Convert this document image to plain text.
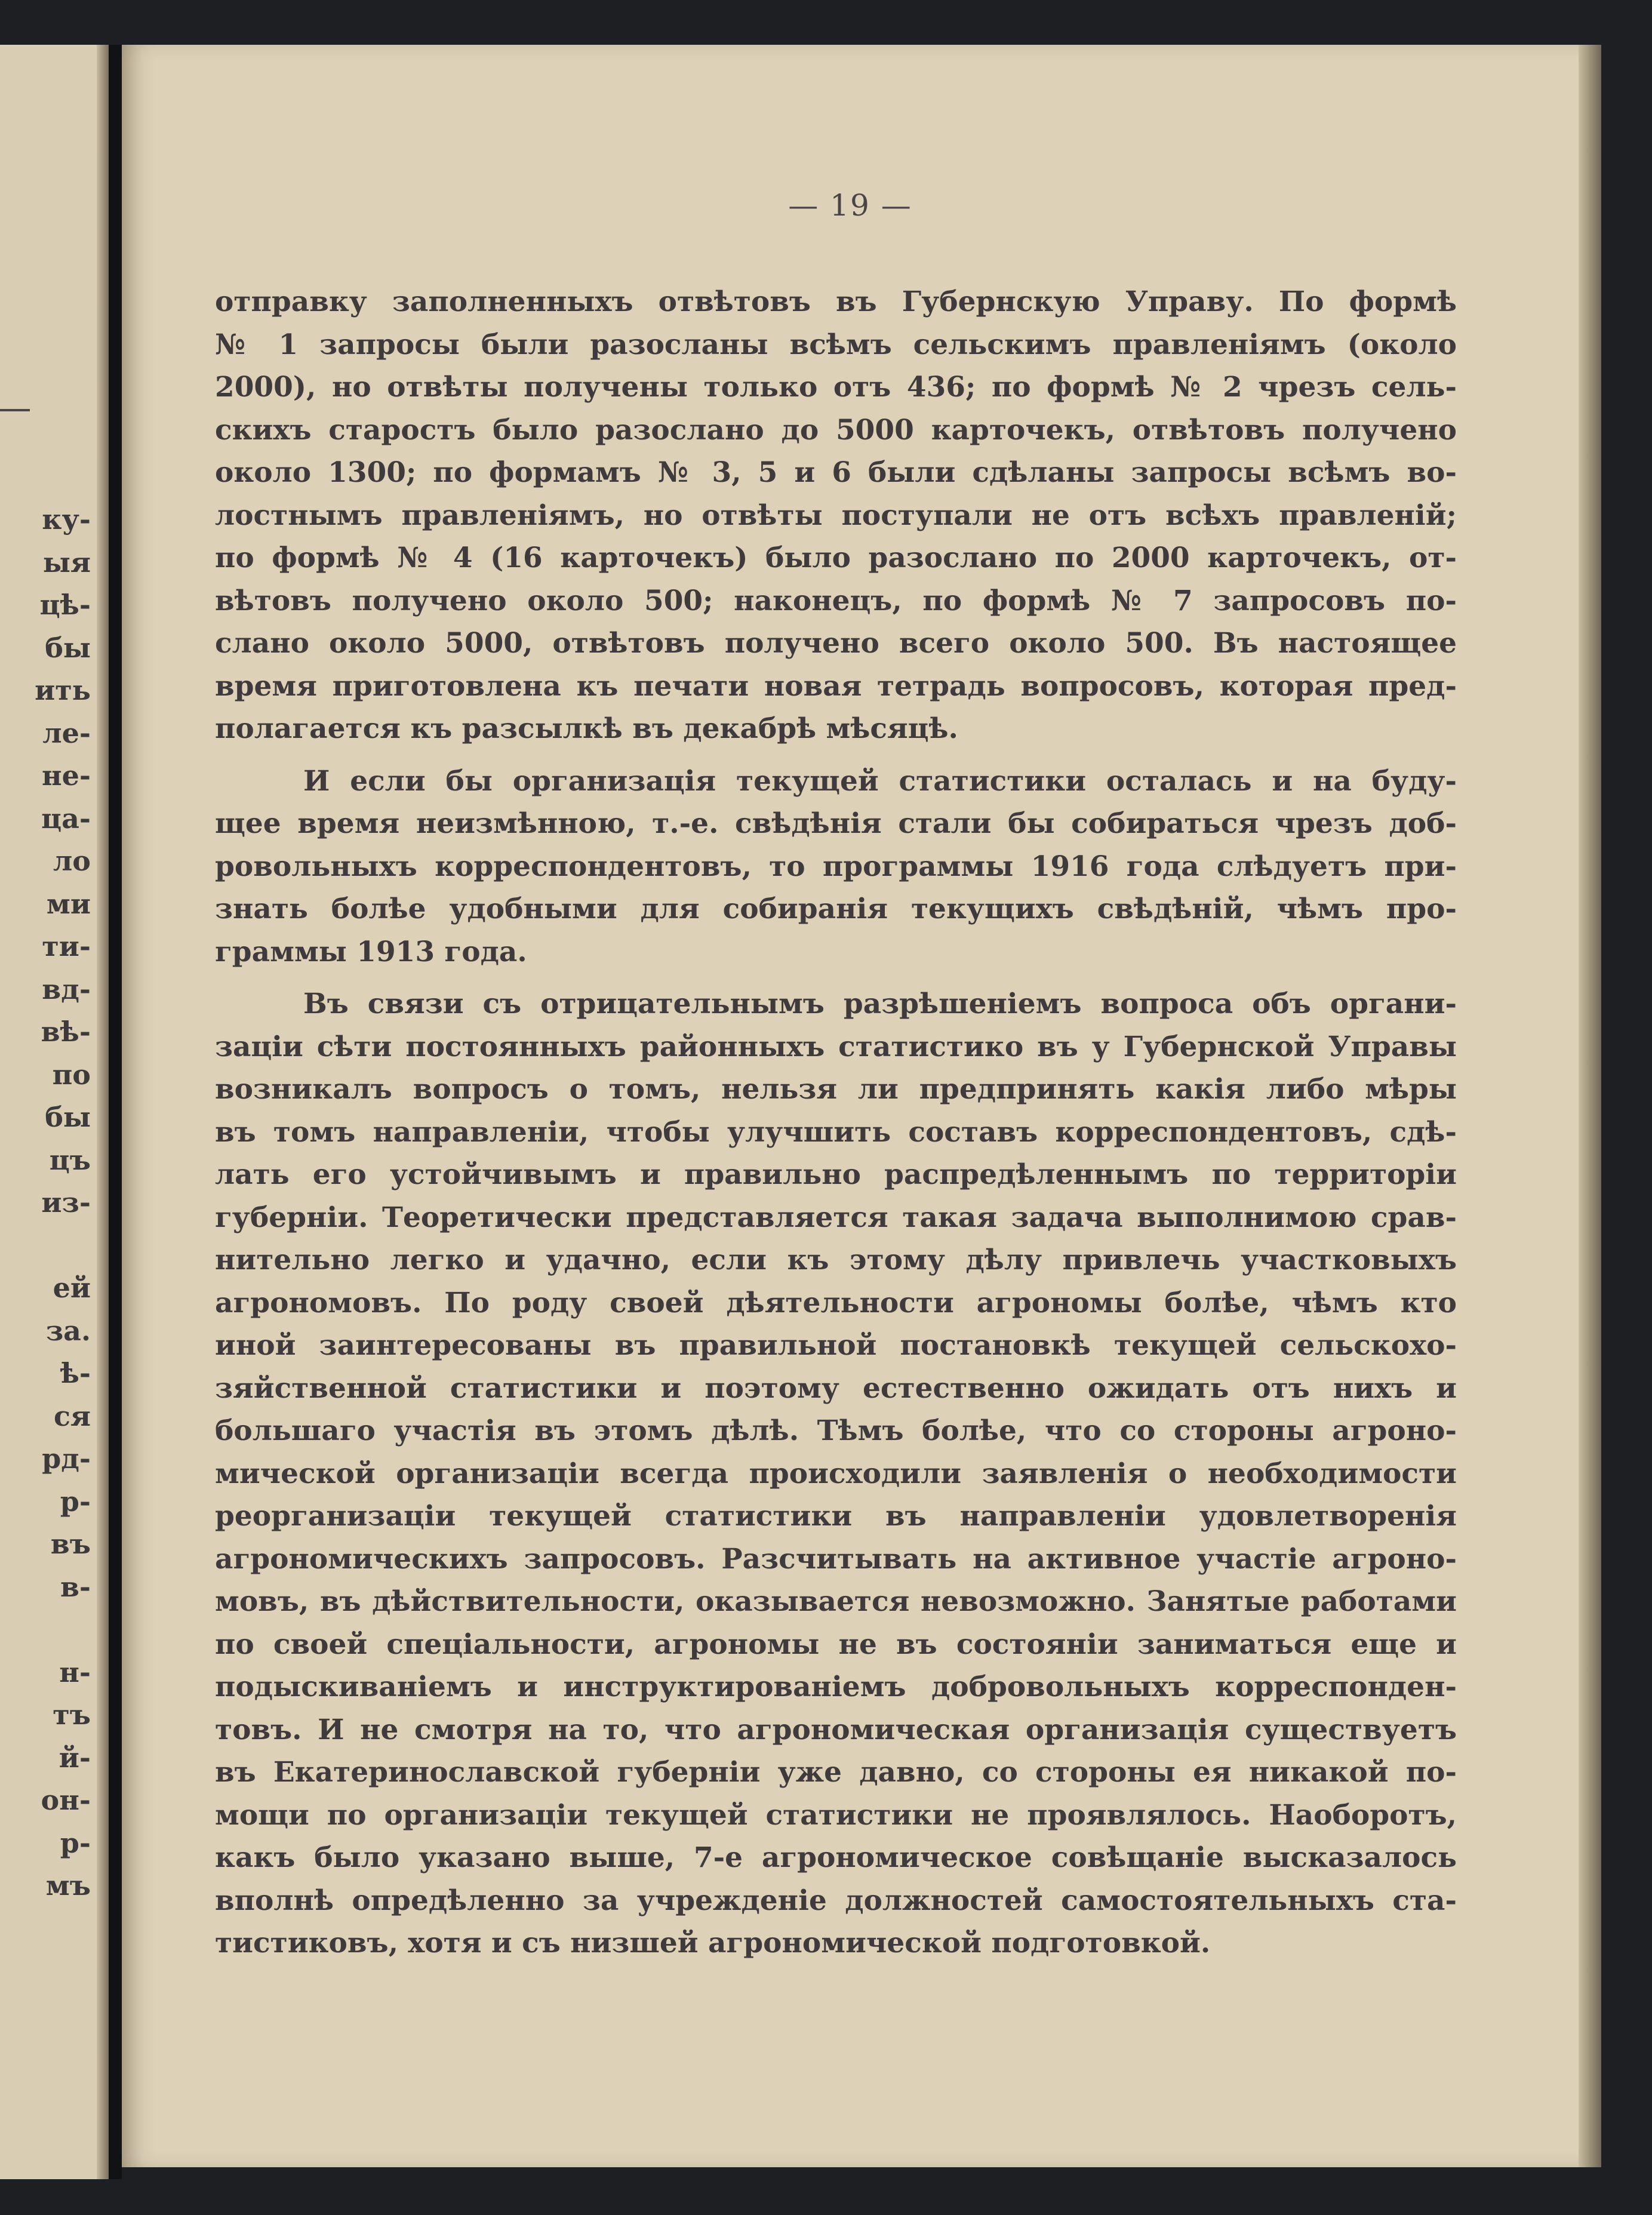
ку-
ыя
цѣ-
бы
ить
ле-
не-
ца-
ло
ми
ти-
вд-
вѣ-
по
бы
цъ
из-
ей
за.
ѣ-
ся
рд-
р-
въ
в-
н-
тъ
й-
он-
р-
мъ
— 19 —
отправку заполненныхъ отвѣтовъ въ Губернскую Управу. По формѣ
№ 1 запросы были разосланы всѣмъ сельскимъ правленіямъ (около
2000), но отвѣты получены только отъ 436; по формѣ № 2 чрезъ сель-
скихъ старостъ было разослано до 5000 карточекъ, отвѣтовъ получено
около 1300; по формамъ № 3, 5 и 6 были сдѣланы запросы всѣмъ во-
лостнымъ правленіямъ, но отвѣты поступали не отъ всѣхъ правленій;
по формѣ № 4 (16 карточекъ) было разослано по 2000 карточекъ, от-
вѣтовъ получено около 500; наконецъ, по формѣ № 7 запросовъ по-
слано около 5000, отвѣтовъ получено всего около 500. Въ настоящее
время приготовлена къ печати новая тетрадь вопросовъ, которая пред-
полагается къ разсылкѣ въ декабрѣ мѣсяцѣ.
И если бы организація текущей статистики осталась и на буду-
щее время неизмѣнною, т.-е. свѣдѣнія стали бы собираться чрезъ доб-
ровольныхъ корреспондентовъ, то программы 1916 года слѣдуетъ при-
знать болѣе удобными для собиранія текущихъ свѣдѣній, чѣмъ про-
граммы 1913 года.
Въ связи съ отрицательнымъ разрѣшеніемъ вопроса объ органи-
заціи сѣти постоянныхъ районныхъ статистико въ у Губернской Управы
возникалъ вопросъ о томъ, нельзя ли предпринять какія либо мѣры
въ томъ направленіи, чтобы улучшить составъ корреспондентовъ, сдѣ-
лать его устойчивымъ и правильно распредѣленнымъ по территоріи
губерніи. Теоретически представляется такая задача выполнимою срав-
нительно легко и удачно, если къ этому дѣлу привлечь участковыхъ
агрономовъ. По роду своей дѣятельности агрономы болѣе, чѣмъ кто
иной заинтересованы въ правильной постановкѣ текущей сельскохо-
зяйственной статистики и поэтому естественно ожидать отъ нихъ и
большаго участія въ этомъ дѣлѣ. Тѣмъ болѣе, что со стороны агроно-
мической организаціи всегда происходили заявленія о необходимости
реорганизаціи текущей статистики въ направленіи удовлетворенія
агрономическихъ запросовъ. Разсчитывать на активное участіе агроно-
мовъ, въ дѣйствительности, оказывается невозможно. Занятые работами
по своей спеціальности, агрономы не въ состояніи заниматься еще и
подыскиваніемъ и инструктированіемъ добровольныхъ корреспонден-
товъ. И не смотря на то, что агрономическая организація существуетъ
въ Екатеринославской губерніи уже давно, со стороны ея никакой по-
мощи по организаціи текущей статистики не проявлялось. Наоборотъ,
какъ было указано выше, 7-е агрономическое совѣщаніе высказалось
вполнѣ опредѣленно за учрежденіе должностей самостоятельныхъ ста-
тистиковъ, хотя и съ низшей агрономической подготовкой.
